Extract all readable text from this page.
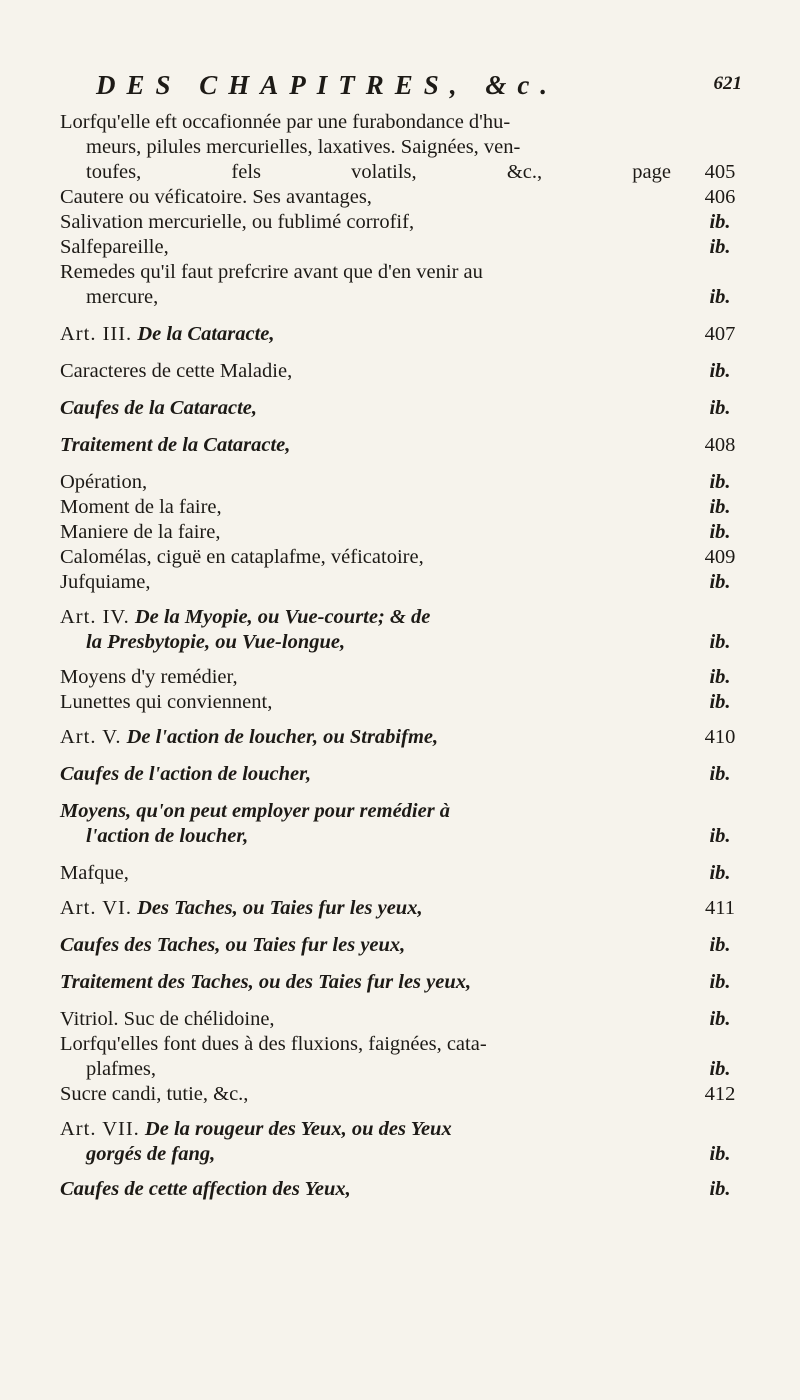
DES CHAPITRES, &c.	621
Lorfqu'elle eft occafionnée par une furabondance d'hu-
meurs, pilules mercurielles, laxatives. Saignées, ven-
toufes, fels volatils, &c., page	405
Cautere ou véficatoire. Ses avantages,	406
Salivation mercurielle, ou fublimé corrofif,	ib.
Salfepareille,	ib.
Remedes qu'il faut prefcrire avant que d'en venir au
mercure,	ib.
Art. III. De la Cataracte,	407
Caracteres de cette Maladie,	ib.
Caufes de la Cataracte,	ib.
Traitement de la Cataracte,	408
Opération,	ib.
Moment de la faire,	ib.
Maniere de la faire,	ib.
Calomélas, ciguë en cataplafme, véficatoire,	409
Jufquiame,	ib.
Art. IV. De la Myopie, ou Vue-courte; & de
la Presbytopie, ou Vue-longue,	ib.
Moyens d'y remédier,	ib.
Lunettes qui conviennent,	ib.
Art. V. De l'action de loucher, ou Strabifme,	410
Caufes de l'action de loucher,	ib.
Moyens, qu'on peut employer pour remédier à
l'action de loucher,	ib.
Mafque,	ib.
Art. VI. Des Taches, ou Taies fur les yeux,	411
Caufes des Taches, ou Taies fur les yeux,	ib.
Traitement des Taches, ou des Taies fur les yeux,	ib.
Vitriol. Suc de chélidoine,	ib.
Lorfqu'elles font dues à des fluxions, faignées, cata-
plafmes,	ib.
Sucre candi, tutie, &c.,	412
Art. VII. De la rougeur des Yeux, ou des Yeux
gorgés de fang,	ib.
Caufes de cette affection des Yeux,	ib.
